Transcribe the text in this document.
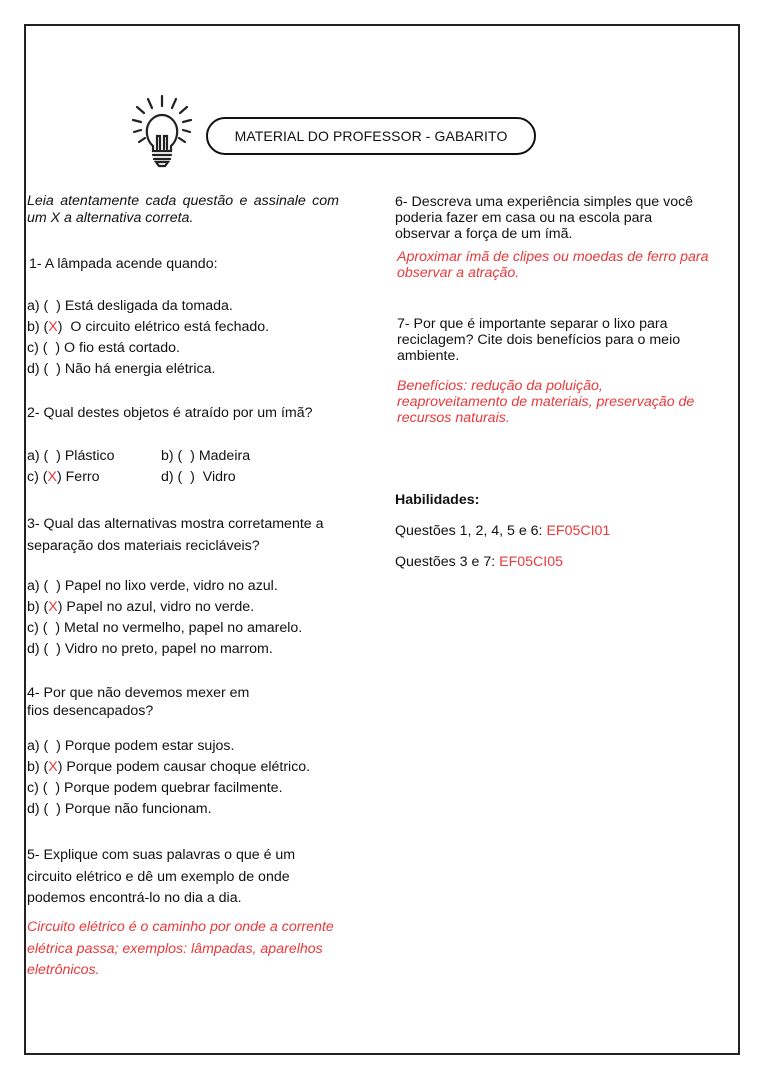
MATERIAL DO PROFESSOR - GABARITO
Leia atentamente cada questão e assinale com um X a alternativa correta.
1- A lâmpada acende quando:
a) ( ) Está desligada da tomada.
b) (X)  O circuito elétrico está fechado.
c) ( ) O fio está cortado.
d) ( ) Não há energia elétrica.
2- Qual destes objetos é atraído por um ímã?
a) ( ) Plástico	b) ( ) Madeira
c) (X) Ferro	d) ( )  Vidro
3- Qual das alternativas mostra corretamente a
separação dos materiais recicláveis?
a) ( ) Papel no lixo verde, vidro no azul.
b) (X) Papel no azul, vidro no verde.
c) ( ) Metal no vermelho, papel no amarelo.
d) ( ) Vidro no preto, papel no marrom.
4- Por que não devemos mexer em
fios desencapados?
a) ( ) Porque podem estar sujos.
b) (X) Porque podem causar choque elétrico.
c) ( ) Porque podem quebrar facilmente.
d) ( ) Porque não funcionam.
5- Explique com suas palavras o que é um
circuito elétrico e dê um exemplo de onde
podemos encontrá-lo no dia a dia.
Circuito elétrico é o caminho por onde a corrente
elétrica passa; exemplos: lâmpadas, aparelhos
eletrônicos.
6- Descreva uma experiência simples que você
poderia fazer em casa ou na escola para
observar a força de um ímã.
Aproximar ímã de clipes ou moedas de ferro para
observar a atração.
7- Por que é importante separar o lixo para
reciclagem? Cite dois benefícios para o meio
ambiente.
Benefícios: redução da poluição,
reaproveitamento de materiais, preservação de
recursos naturais.
Habilidades:
Questões 1, 2, 4, 5 e 6: EF05CI01
Questões 3 e 7: EF05CI05
